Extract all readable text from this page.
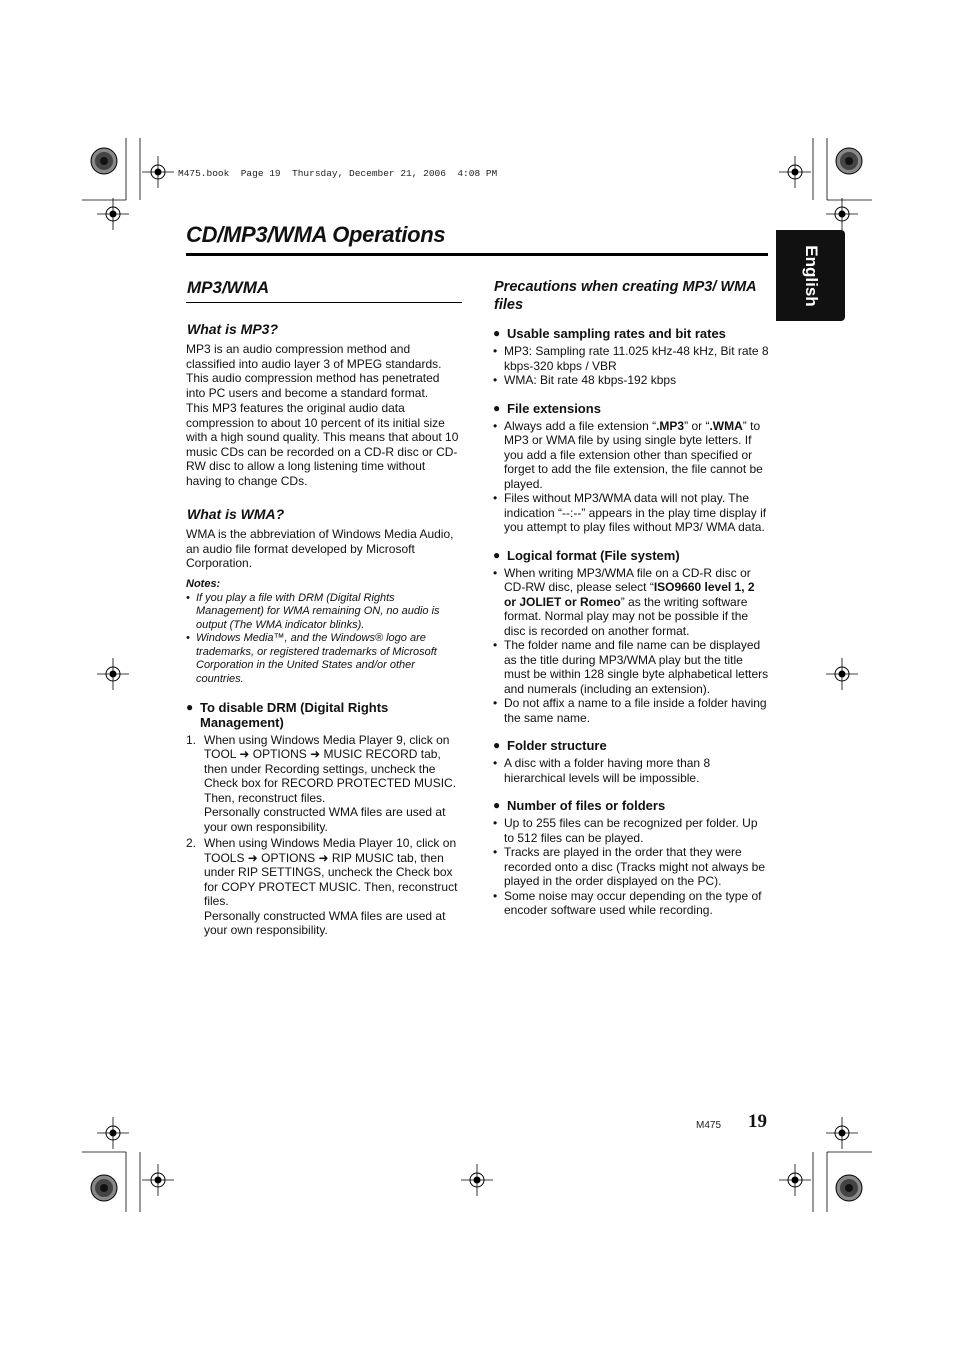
M475.book  Page 19  Thursday, December 21, 2006  4:08 PM
CD/MP3/WMA Operations
English
MP3/WMA
What is MP3?

MP3 is an audio compression method and classified into audio layer 3 of MPEG standards. This audio compression method has penetrated into PC users and become a standard format.

This MP3 features the original audio data compression to about 10 percent of its initial size with a high sound quality. This means that about 10 music CDs can be recorded on a CD-R disc or CD-RW disc to allow a long listening time without having to change CDs.

What is WMA?

WMA is the abbreviation of Windows Media Audio, an audio file format developed by Microsoft Corporation.

Notes:
• If you play a file with DRM (Digital Rights Management) for WMA remaining ON, no audio is output (The WMA indicator blinks).
• Windows Media™, and the Windows® logo are trademarks, or registered trademarks of Microsoft Corporation in the United States and/or other countries.
● To disable DRM (Digital Rights Management)
1. When using Windows Media Player 9, click on TOOL ➜ OPTIONS ➜ MUSIC RECORD tab, then under Recording settings, uncheck the Check box for RECORD PROTECTED MUSIC. Then, reconstruct files.
Personally constructed WMA files are used at your own responsibility.
2. When using Windows Media Player 10, click on TOOLS ➜ OPTIONS ➜ RIP MUSIC tab, then under RIP SETTINGS, uncheck the Check box for COPY PROTECT MUSIC. Then, reconstruct files.
Personally constructed WMA files are used at your own responsibility.
Precautions when creating MP3/ WMA files
● Usable sampling rates and bit rates
• MP3: Sampling rate 11.025 kHz-48 kHz, Bit rate 8 kbps-320 kbps / VBR
• WMA: Bit rate 48 kbps-192 kbps
● File extensions
• Always add a file extension “.MP3” or “.WMA” to MP3 or WMA file by using single byte letters. If you add a file extension other than specified or forget to add the file extension, the file cannot be played.
• Files without MP3/WMA data will not play. The indication “--:--” appears in the play time display if you attempt to play files without MP3/ WMA data.
● Logical format (File system)
• When writing MP3/WMA file on a CD-R disc or CD-RW disc, please select “ISO9660 level 1, 2 or JOLIET or Romeo” as the writing software format. Normal play may not be possible if the disc is recorded on another format.
• The folder name and file name can be displayed as the title during MP3/WMA play but the title must be within 128 single byte alphabetical letters and numerals (including an extension).
• Do not affix a name to a file inside a folder having the same name.
● Folder structure
• A disc with a folder having more than 8 hierarchical levels will be impossible.
● Number of files or folders
• Up to 255 files can be recognized per folder. Up to 512 files can be played.
• Tracks are played in the order that they were recorded onto a disc (Tracks might not always be played in the order displayed on the PC).
• Some noise may occur depending on the type of encoder software used while recording.
M475 19
